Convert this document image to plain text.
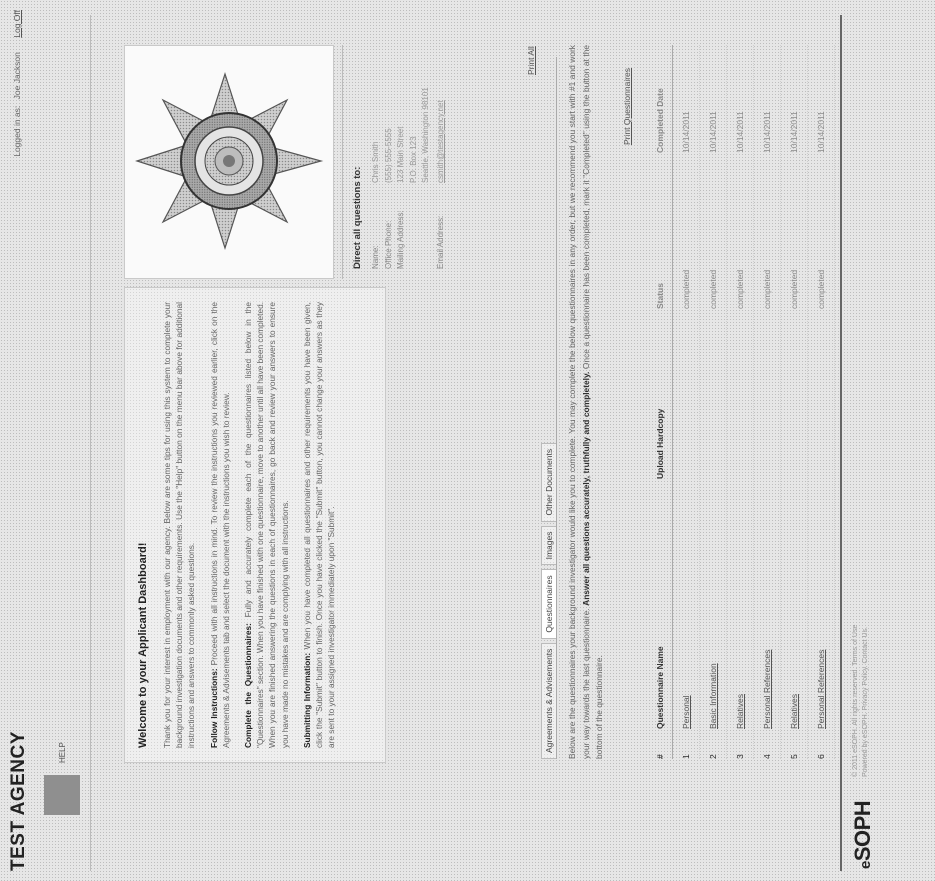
TEST AGENCY
Logged in as: Joe Jackson Log Off
HELP
Welcome to your Applicant Dashboard! Thank you for your interest in employment with our agency. Below are some tips for using this system to complete your background investigation documents and other requirements. Use the "Help" button on the menu bar above for additional instructions and answers to commonly asked questions. Follow Instructions: Proceed with all instructions in mind. To review the instructions you reviewed earlier, click on the Agreements & Advisements tab and select the document with the instructions you wish to review. Complete the Questionnaires: Fully and accurately complete each of the questionnaires listed below in the "Questionnaires" section. When you have finished with one questionnaire, move to another until all have been completed. When you are finished answering the questions in each of questionnaires, go back and review your answers to ensure you have made no mistakes and are complying with all instructions. Submitting Information: When you have completed all questionnaires and other requirements you have been given, click the "Submit" button to finish. Once you have clicked the "Submit" button, you cannot change your answers as they are sent to your assigned investigator immediately upon "Submit".

Direct all questions to: Name:
Chris Smith
Office Phone:
(555) 555-5555
Mailing Address:
123 Main Street P.O. Box 123 Seattle, Washington 98101
Email Address:
csmith@testagency.net
Print All
Agreements & Advisements
Questionnaires
Images
Other Documents Below are the questionnaires your background investigator would like you to complete. You may complete the below questionnaires in any order, but we recommend you start with #1 and work your way towards the last questionnaire. Answer all questions accurately, truthfully and completely. Once a questionnaire has been completed, mark it "Completed" using the button at the bottom of the questionnaire.
Print Questionnaires
#
Questionnaire Name
Upload Hardcopy
Status
Completed Date
1
Personal
completed
10/14/2011
2
Basic Information
completed
10/14/2011
3
Relatives
completed
10/14/2011
4
Personal References
completed
10/14/2011
5
Relatives
completed
10/14/2011
6
Personal References
completed
10/14/2011
eSOPH
© 2011 eSOPH. All rights reserved. Terms of Use Powered by eSOPH. Privacy Policy. Contact Us.
